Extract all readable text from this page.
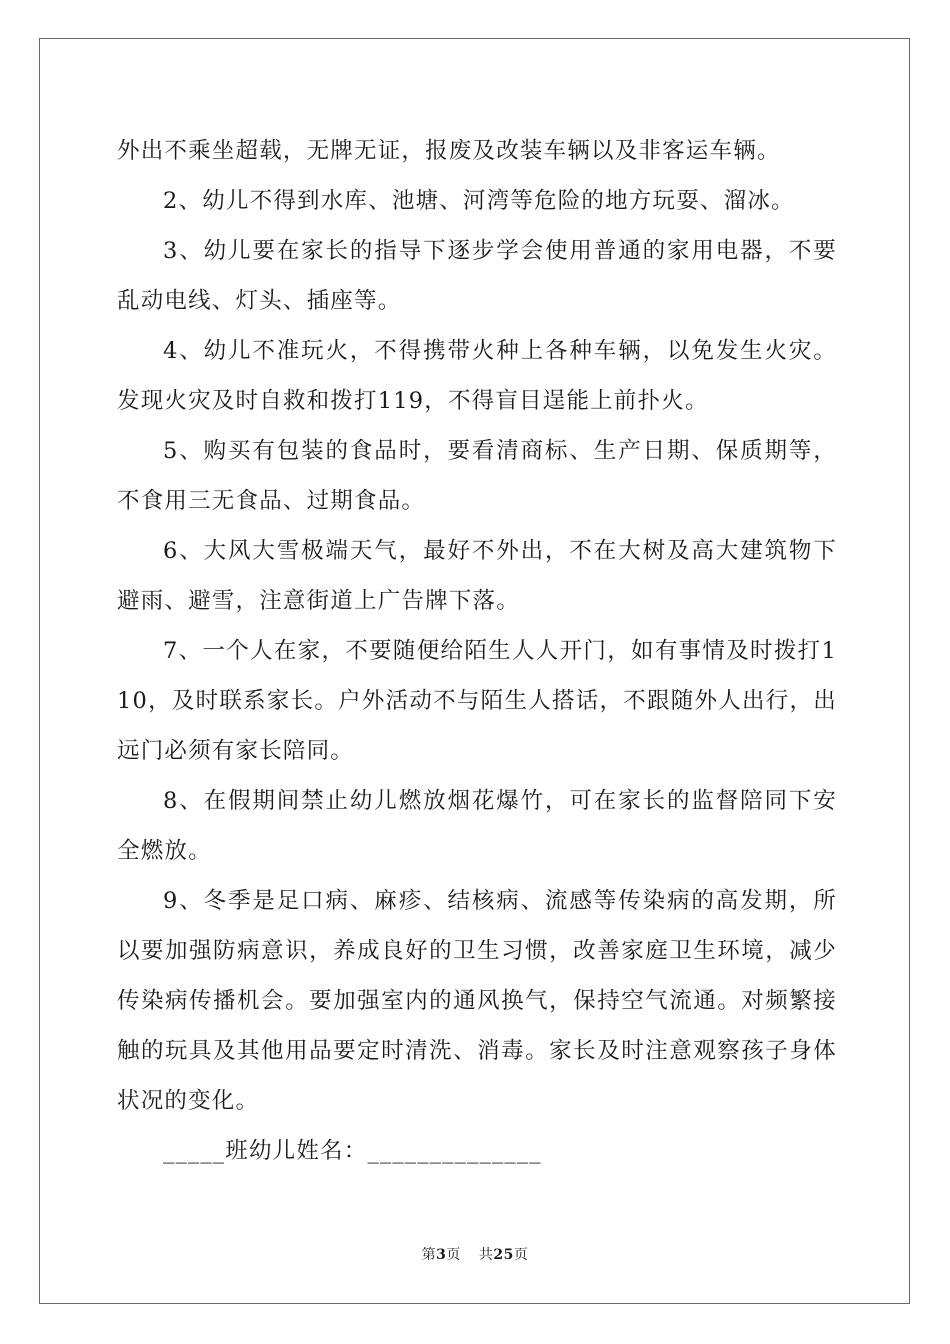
外出不乘坐超载，无牌无证，报废及改装车辆以及非客运车辆。

2、幼儿不得到水库、池塘、河湾等危险的地方玩耍、溜冰。

3、幼儿要在家长的指导下逐步学会使用普通的家用电器，不要乱动电线、灯头、插座等。

4、幼儿不准玩火，不得携带火种上各种车辆，以免发生火灾。发现火灾及时自救和拨打119，不得盲目逞能上前扑火。

5、购买有包装的食品时，要看清商标、生产日期、保质期等，不食用三无食品、过期食品。

6、大风大雪极端天气，最好不外出，不在大树及高大建筑物下避雨、避雪，注意街道上广告牌下落。

7、一个人在家，不要随便给陌生人人开门，如有事情及时拨打110，及时联系家长。户外活动不与陌生人搭话，不跟随外人出行，出远门必须有家长陪同。

8、在假期间禁止幼儿燃放烟花爆竹，可在家长的监督陪同下安全燃放。

9、冬季是足口病、麻疹、结核病、流感等传染病的高发期，所以要加强防病意识，养成良好的卫生习惯，改善家庭卫生环境，减少传染病传播机会。要加强室内的通风换气，保持空气流通。对频繁接触的玩具及其他用品要定时清洗、消毒。家长及时注意观察孩子身体状况的变化。

_____班幼儿姓名：______________

第3页 共25页
